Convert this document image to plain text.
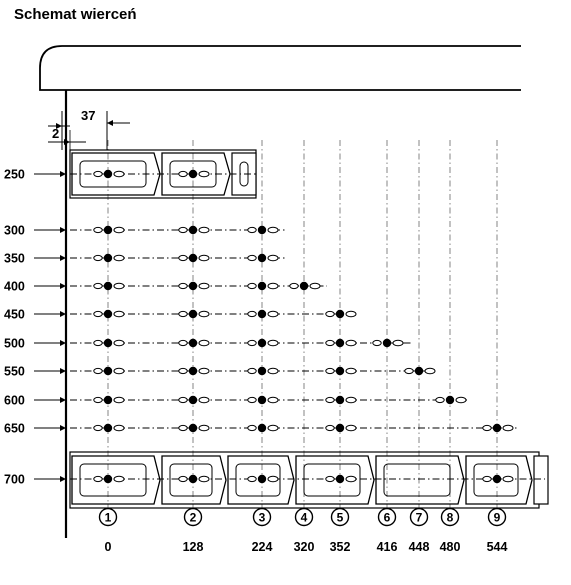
Schemat wierceń
37
2
250
300
350
400
450
500
550
600
650
700
1
0
2
128
3
224
4
320
5
352
6
416
7
448
8
480
9
544
